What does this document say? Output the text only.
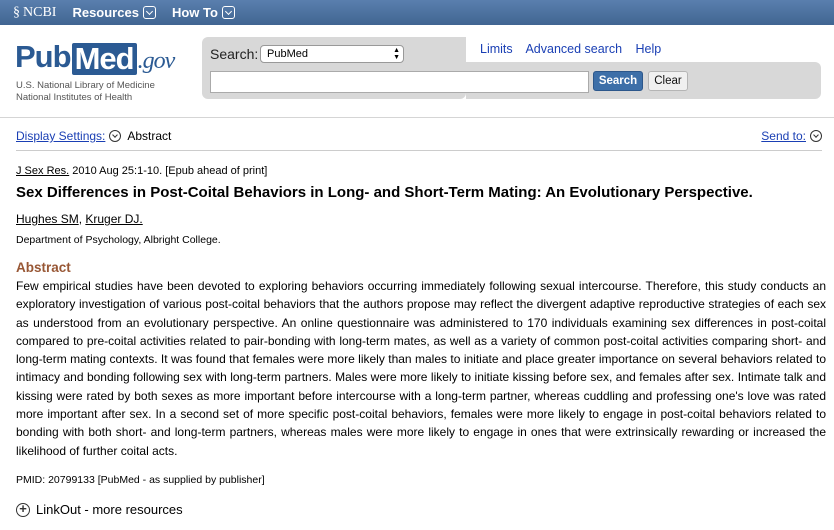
§ NCBI Resources	How To
Pub Med .gov
U.S. National Library of Medicine
National Institutes of Health
Search: PubMed	▲
▼
Search	Clear
Limits Advanced search Help
Display Settings: Abstract	Send to:
J Sex Res. 2010 Aug 25:1-10. [Epub ahead of print]
Sex Differences in Post-Coital Behaviors in Long- and Short-Term Mating: An Evolutionary Perspective.
Hughes SM, Kruger DJ.
Department of Psychology, Albright College.
Abstract
Few empirical studies have been devoted to exploring behaviors occurring immediately following sexual intercourse. Therefore, this study conducts an exploratory investigation of various post-coital behaviors that the authors propose may reflect the divergent adaptive reproductive strategies of each sex as understood from an evolutionary perspective. An online questionnaire was administered to 170 individuals examining sex differences in post-coital compared to pre-coital activities related to pair-bonding with long-term mates, as well as a variety of common post-coital activities comparing short- and long-term mating contexts. It was found that females were more likely than males to initiate and place greater importance on several behaviors related to intimacy and bonding following sex with long-term partners. Males were more likely to initiate kissing before sex, and females after sex. Intimate talk and kissing were rated by both sexes as more important before intercourse with a long-term partner, whereas cuddling and professing one's love was rated more important after sex. In a second set of more specific post-coital behaviors, females were more likely to engage in post-coital behaviors related to bonding with both short- and long-term partners, whereas males were more likely to engage in ones that were extrinsically rewarding or increased the likelihood of further coital acts.
PMID: 20799133 [PubMed - as supplied by publisher]
+ LinkOut - more resources
